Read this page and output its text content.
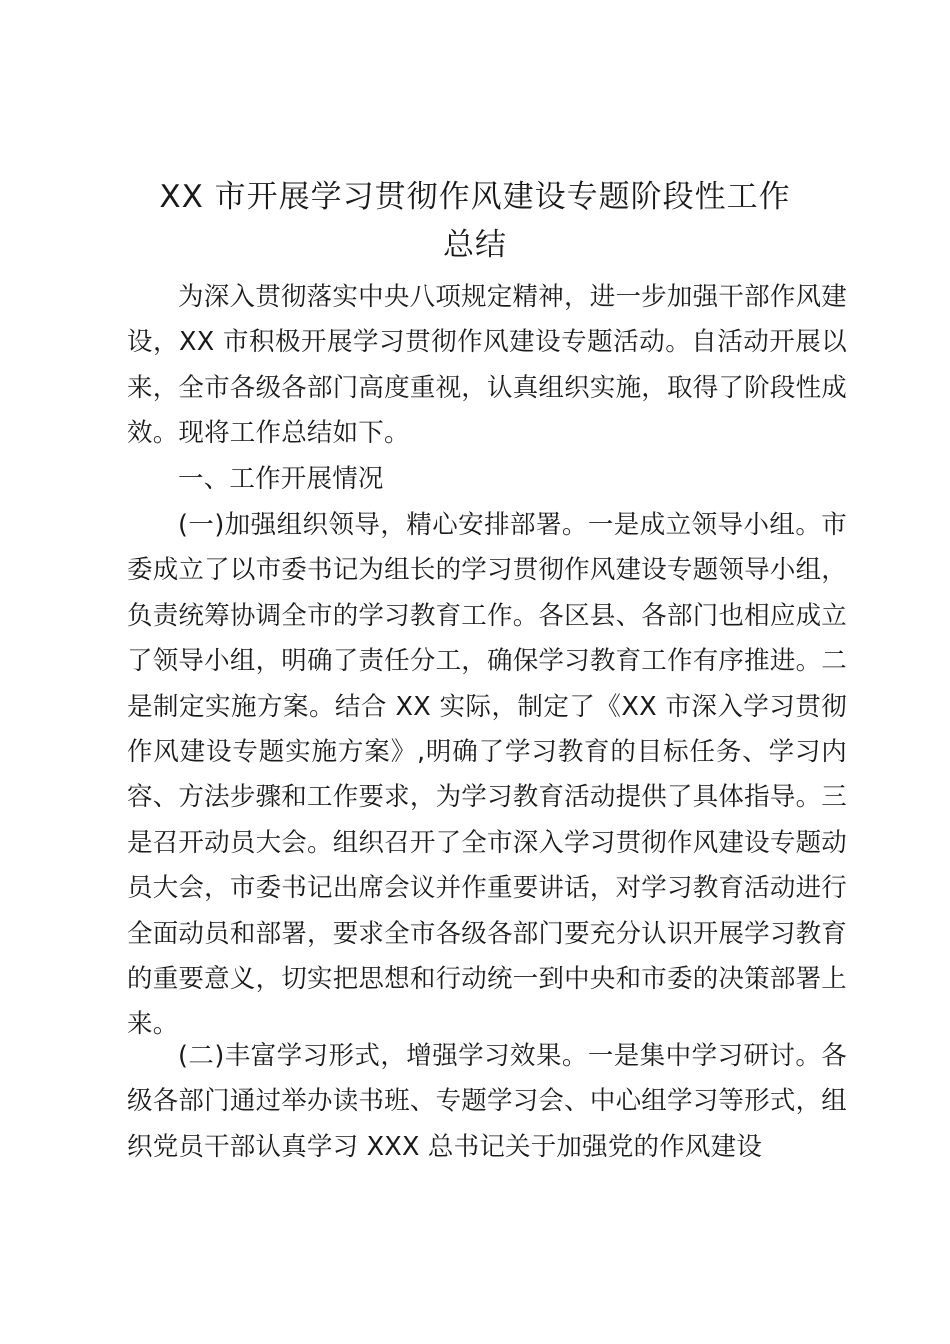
XX 市开展学习贯彻作风建设专题阶段性工作
总结

为深入贯彻落实中央八项规定精神，进一步加强干部作风建设，XX 市积极开展学习贯彻作风建设专题活动。自活动开展以来，全市各级各部门高度重视，认真组织实施，取得了阶段性成效。现将工作总结如下。

一、工作开展情况

(一)加强组织领导，精心安排部署。一是成立领导小组。市委成立了以市委书记为组长的学习贯彻作风建设专题领导小组，负责统筹协调全市的学习教育工作。各区县、各部门也相应成立了领导小组，明确了责任分工，确保学习教育工作有序推进。二是制定实施方案。结合 XX 实际，制定了《XX 市深入学习贯彻作风建设专题实施方案》,明确了学习教育的目标任务、学习内容、方法步骤和工作要求，为学习教育活动提供了具体指导。三是召开动员大会。组织召开了全市深入学习贯彻作风建设专题动员大会，市委书记出席会议并作重要讲话，对学习教育活动进行全面动员和部署，要求全市各级各部门要充分认识开展学习教育的重要意义，切实把思想和行动统一到中央和市委的决策部署上来。

(二)丰富学习形式，增强学习效果。一是集中学习研讨。各级各部门通过举办读书班、专题学习会、中心组学习等形式，组织党员干部认真学习 XXX 总书记关于加强党的作风建设
